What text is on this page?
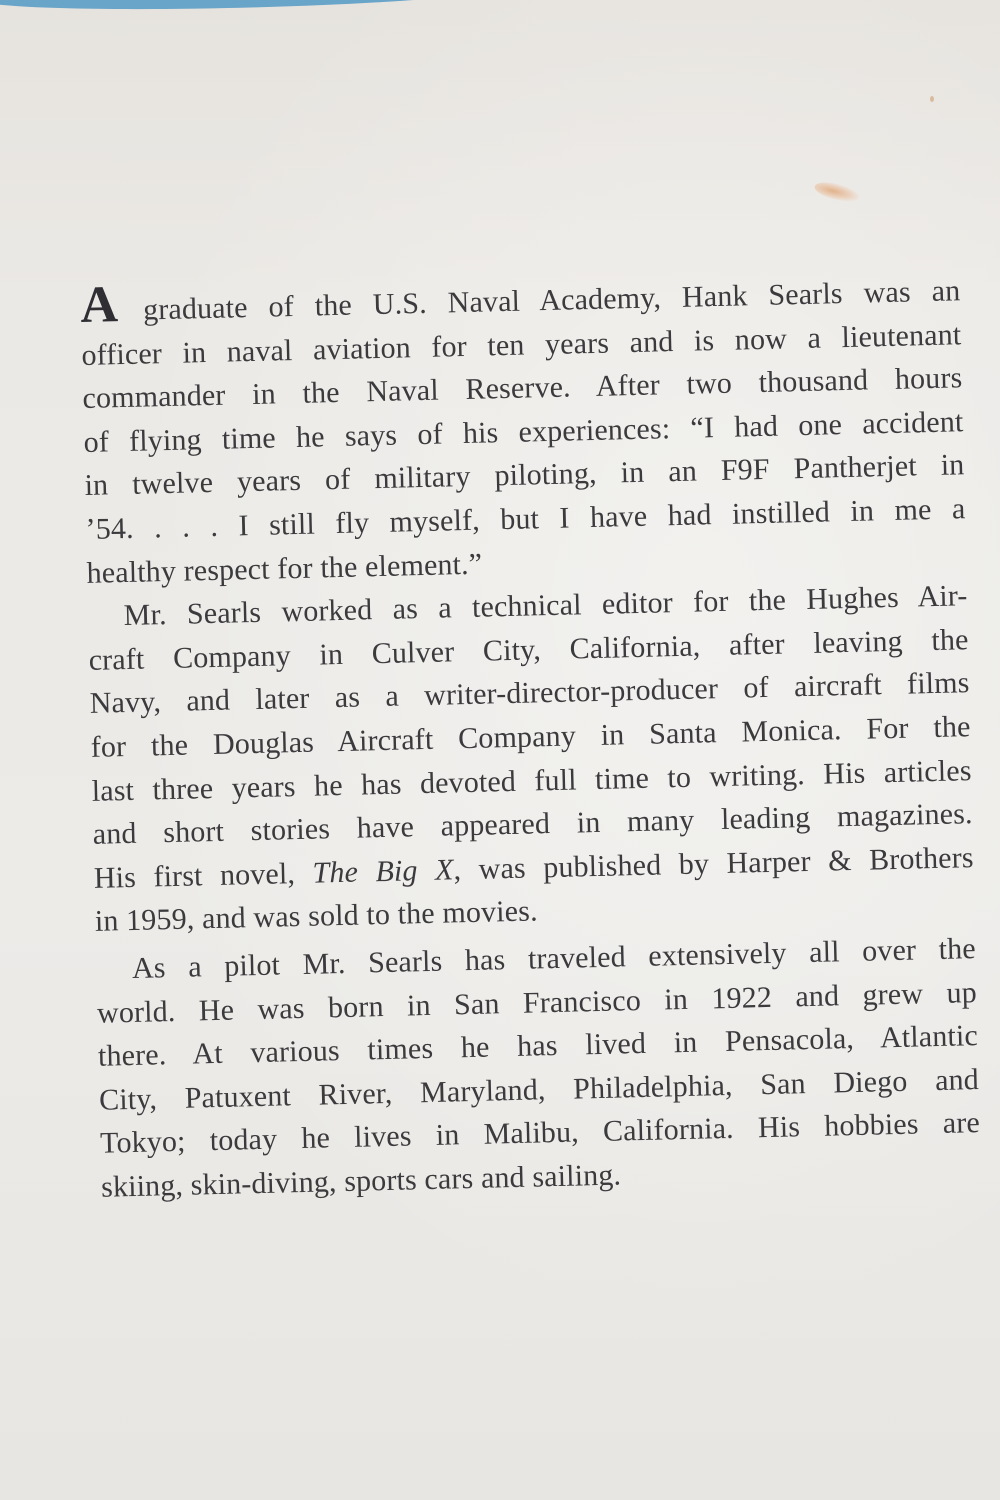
A graduate of the U.S. Naval Academy, Hank Searls was an
officer in naval aviation for ten years and is now a lieutenant
commander in the Naval Reserve. After two thousand hours
of flying time he says of his experiences: “I had one accident
in twelve years of military piloting, in an F9F Pantherjet in
’54. . . . I still fly myself, but I have had instilled in me a
healthy respect for the element.”

Mr. Searls worked as a technical editor for the Hughes Air-
craft Company in Culver City, California, after leaving the
Navy, and later as a writer-director-producer of aircraft films
for the Douglas Aircraft Company in Santa Monica. For the
last three years he has devoted full time to writing. His articles
and short stories have appeared in many leading magazines.
His first novel, The Big X, was published by Harper & Brothers
in 1959, and was sold to the movies.

As a pilot Mr. Searls has traveled extensively all over the
world. He was born in San Francisco in 1922 and grew up
there. At various times he has lived in Pensacola, Atlantic
City, Patuxent River, Maryland, Philadelphia, San Diego and
Tokyo; today he lives in Malibu, California. His hobbies are
skiing, skin-diving, sports cars and sailing.
